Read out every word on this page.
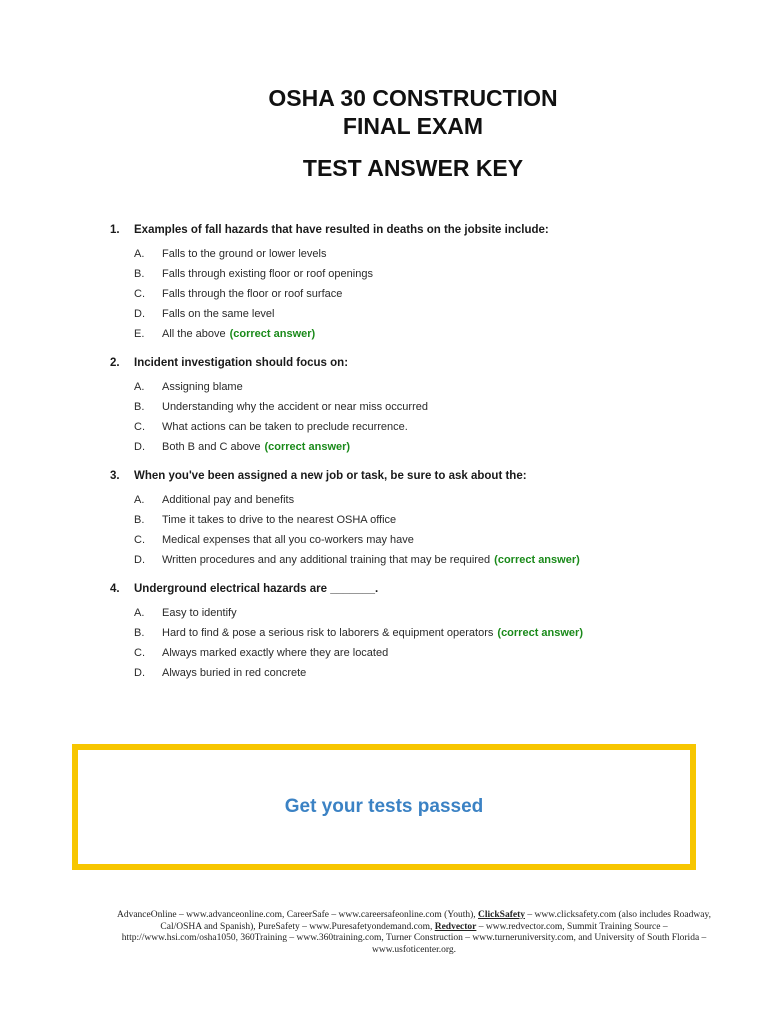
OSHA 30 CONSTRUCTION
FINAL EXAM
TEST ANSWER KEY
1.	Examples of fall hazards that have resulted in deaths on the jobsite include:
A.	Falls to the ground or lower levels
B.	Falls through existing floor or roof openings
C.	Falls through the floor or roof surface
D.	Falls on the same level
E.	All the above (correct answer)
2.	Incident investigation should focus on:
A.	Assigning blame
B.	Understanding why the accident or near miss occurred
C.	What actions can be taken to preclude recurrence.
D.	Both B and C above (correct answer)
3.	When you've been assigned a new job or task, be sure to ask about the:
A.	Additional pay and benefits
B.	Time it takes to drive to the nearest OSHA office
C.	Medical expenses that all you co-workers may have
D.	Written procedures and any additional training that may be required (correct answer)
4.	Underground electrical hazards are _______.
A.	Easy to identify
B.	Hard to find & pose a serious risk to laborers & equipment operators (correct answer)
C.	Always marked exactly where they are located
D.	Always buried in red concrete
Get your tests passed
AdvanceOnline – www.advanceonline.com, CareerSafe – www.careersafeonline.com (Youth), ClickSafety – www.clicksafety.com (also includes Roadway, Cal/OSHA and Spanish), PureSafety – www.Puresafetyondemand.com, Redvector – www.redvector.com, Summit Training Source – http://www.hsi.com/osha1050, 360Training – www.360training.com, Turner Construction – www.turneruniversity.com, and University of South Florida – www.usfoticenter.org.
